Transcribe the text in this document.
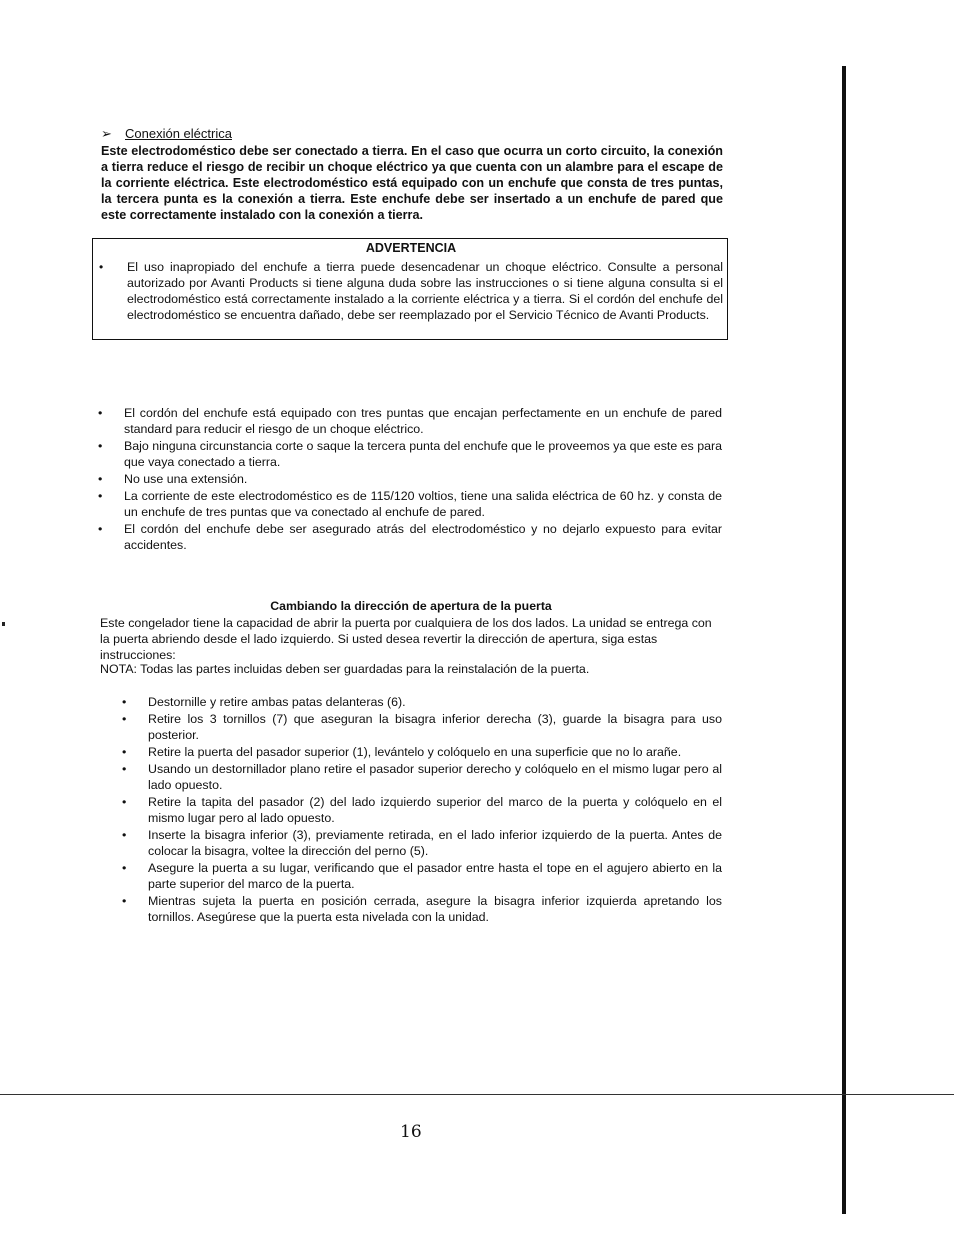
➢ Conexión eléctrica

Este electrodoméstico debe ser conectado a tierra. En el caso que ocurra un corto circuito, la conexión a tierra reduce el riesgo de recibir un choque eléctrico ya que cuenta con un alambre para el escape de la corriente eléctrica. Este electrodoméstico está equipado con un enchufe que consta de tres puntas, la tercera punta es la conexión a tierra. Este enchufe debe ser insertado a un enchufe de pared que este correctamente instalado con la conexión a tierra.

ADVERTENCIA
• El uso inapropiado del enchufe a tierra puede desencadenar un choque eléctrico. Consulte a personal autorizado por Avanti Products si tiene alguna duda sobre las instrucciones o si tiene alguna consulta si el electrodoméstico está correctamente instalado a la corriente eléctrica y a tierra. Si el cordón del enchufe del electrodoméstico se encuentra dañado, debe ser reemplazado por el Servicio Técnico de Avanti Products.

• El cordón del enchufe está equipado con tres puntas que encajan perfectamente en un enchufe de pared standard para reducir el riesgo de un choque eléctrico.
• Bajo ninguna circunstancia corte o saque la tercera punta del enchufe que le proveemos ya que este es para que vaya conectado a tierra.
• No use una extensión.
• La corriente de este electrodoméstico es de 115/120 voltios, tiene una salida eléctrica de 60 hz. y consta de un enchufe de tres puntas que va conectado al enchufe de pared.
• El cordón del enchufe debe ser asegurado atrás del electrodoméstico y no dejarlo expuesto para evitar accidentes.
Cambiando la dirección de apertura de la puerta

Este congelador tiene la capacidad de abrir la puerta por cualquiera de los dos lados. La unidad se entrega con la puerta abriendo desde el lado izquierdo. Si usted desea revertir la dirección de apertura, siga estas instrucciones:

NOTA: Todas las partes incluidas deben ser guardadas para la reinstalación de la puerta.

• Destornille y retire ambas patas delanteras (6).
• Retire los 3 tornillos (7) que aseguran la bisagra inferior derecha (3), guarde la bisagra para uso posterior.
• Retire la puerta del pasador superior (1), levántelo y colóquelo en una superficie que no lo arañe.
• Usando un destornillador plano retire el pasador superior derecho y colóquelo en el mismo lugar pero al lado opuesto.
• Retire la tapita del pasador (2) del lado izquierdo superior del marco de la puerta y colóquelo en el mismo lugar pero al lado opuesto.
• Inserte la bisagra inferior (3), previamente retirada, en el lado inferior izquierdo de la puerta. Antes de colocar la bisagra, voltee la dirección del perno (5).
• Asegure la puerta a su lugar, verificando que el pasador entre hasta el tope en el agujero abierto en la parte superior del marco de la puerta.
• Mientras sujeta la puerta en posición cerrada, asegure la bisagra inferior izquierda apretando los tornillos. Asegúrese que la puerta esta nivelada con la unidad.
16
